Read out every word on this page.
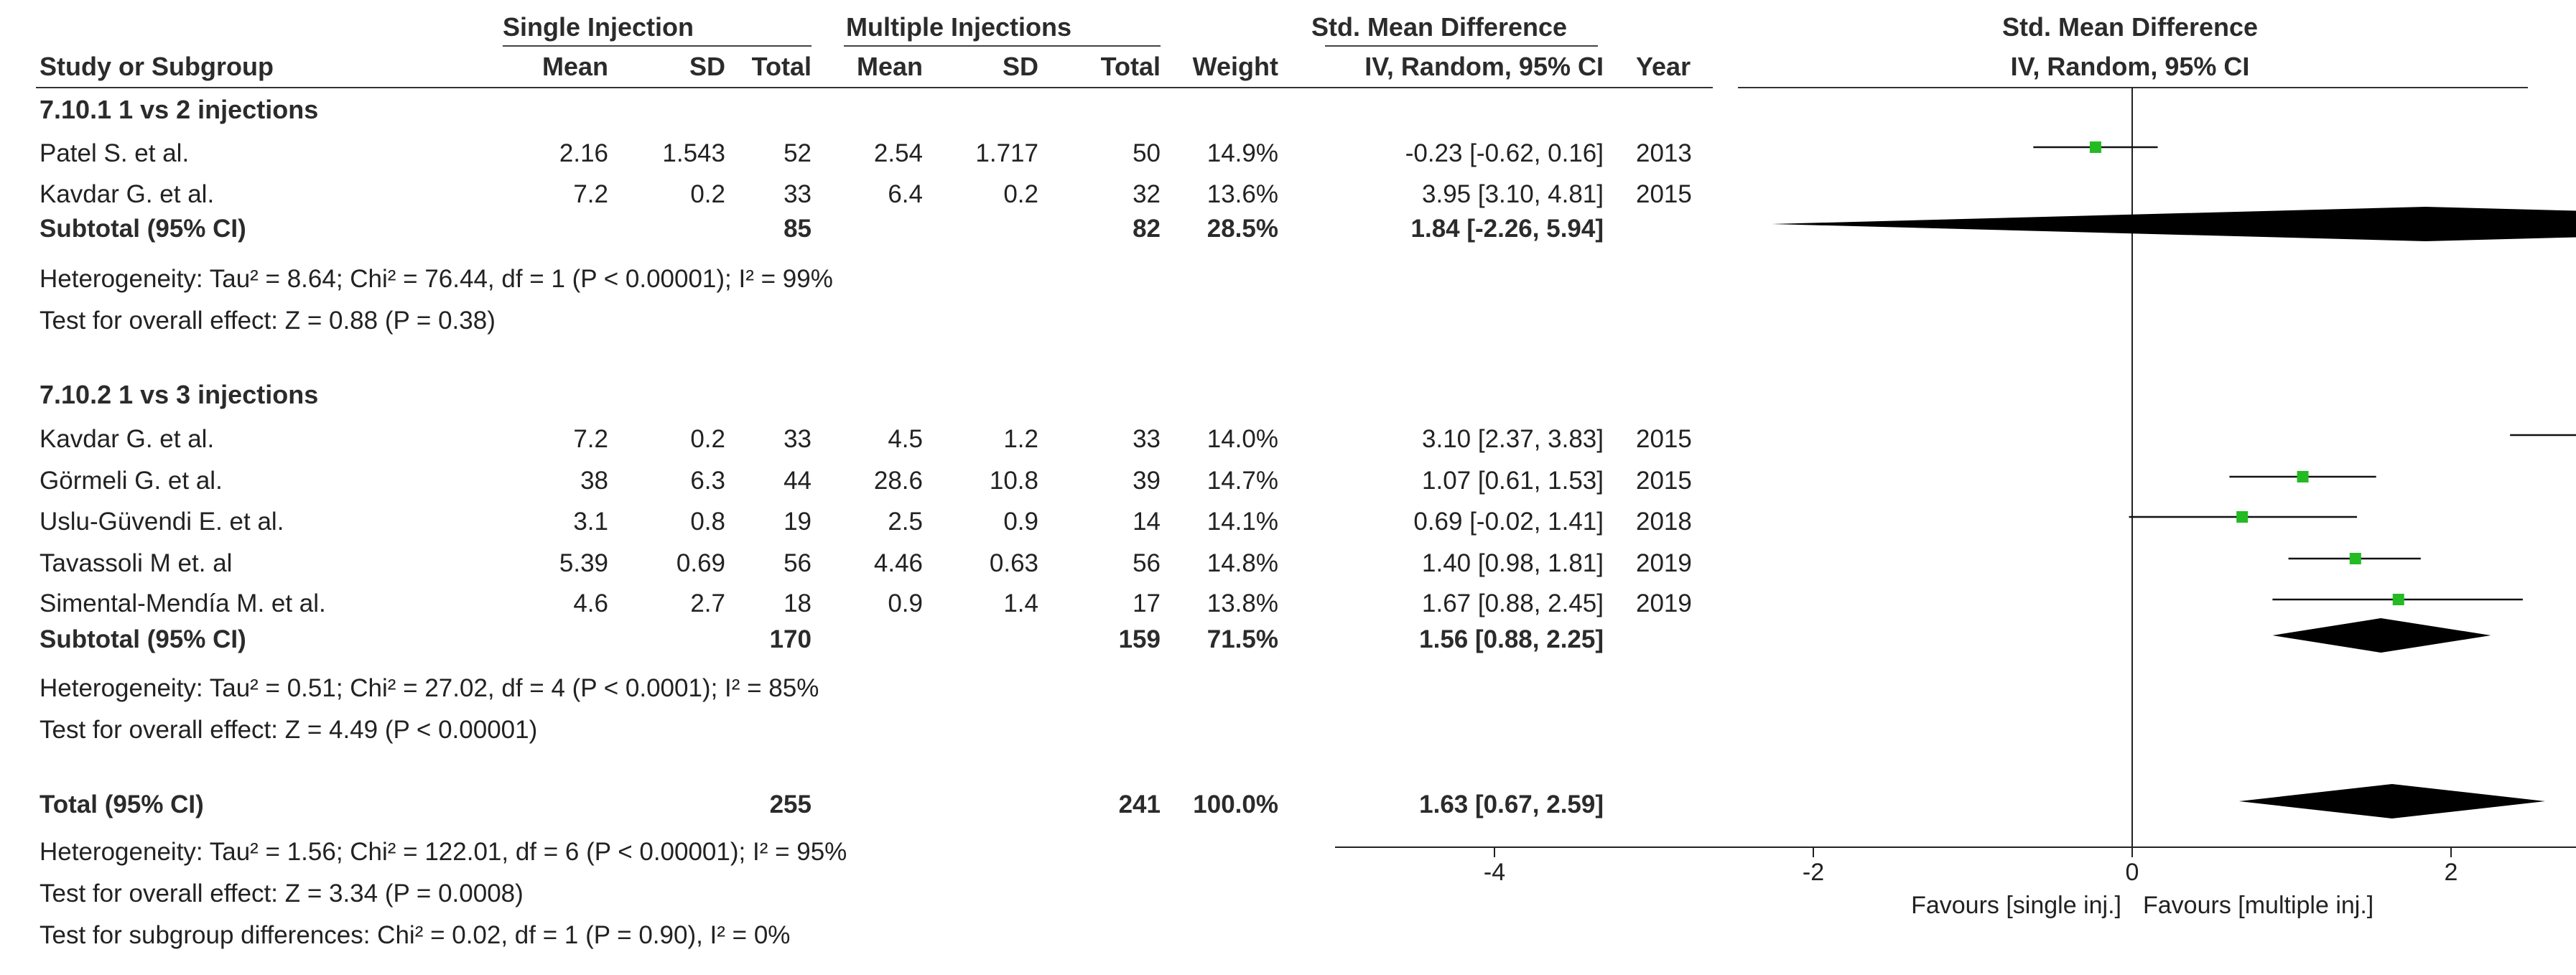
Single Injection	Multiple Injections	Std. Mean Difference
Study or Subgroup	Mean	SD Total Mean	SD Total Weight	IV, Random, 95% CI Year
7.10.1 1 vs 2 injections
Patel S. et al.	2.16 1.543 52 2.54 1.717	50 14.9%	-0.23 [-0.62, 0.16] 2013
Kavdar G. et al.	7.2	0.2 33	6.4	0.2	32 13.6%	3.95 [3.10, 4.81] 2015
Subtotal (95% CI)	85	82 28.5%	1.84 [-2.26, 5.94]
Heterogeneity: Tau² = 8.64; Chi² = 76.44, df = 1 (P < 0.00001); I² = 99%
Test for overall effect: Z = 0.88 (P = 0.38)
7.10.2 1 vs 3 injections
Kavdar G. et al.	7.2	0.2 33	4.5	1.2	33 14.0%	3.10 [2.37, 3.83] 2015
Görmeli G. et al.	38	6.3 44 28.6	10.8	39 14.7%	1.07 [0.61, 1.53] 2015
Uslu-Güvendi E. et al.	3.1	0.8 19	2.5	0.9	14 14.1%	0.69 [-0.02, 1.41] 2018
Tavassoli M et. al	5.39	0.69 56 4.46	0.63	56 14.8%	1.40 [0.98, 1.81] 2019
Simental-Mendía M. et al.	4.6	2.7 18	0.9	1.4	17 13.8%	1.67 [0.88, 2.45] 2019
Subtotal (95% CI)	170	159 71.5%	1.56 [0.88, 2.25]
Heterogeneity: Tau² = 0.51; Chi² = 27.02, df = 4 (P < 0.0001); I² = 85%
Test for overall effect: Z = 4.49 (P < 0.00001)
Total (95% CI)	255	241 100.0%	1.63 [0.67, 2.59]
Heterogeneity: Tau² = 1.56; Chi² = 122.01, df = 6 (P < 0.00001); I² = 95%
Test for overall effect: Z = 3.34 (P = 0.0008)
Test for subgroup differences: Chi² = 0.02, df = 1 (P = 0.90), I² = 0%
Std. Mean Difference
IV, Random, 95% CI
-4	-2	0	2
Favours [single inj.] Favours [multiple inj.]
